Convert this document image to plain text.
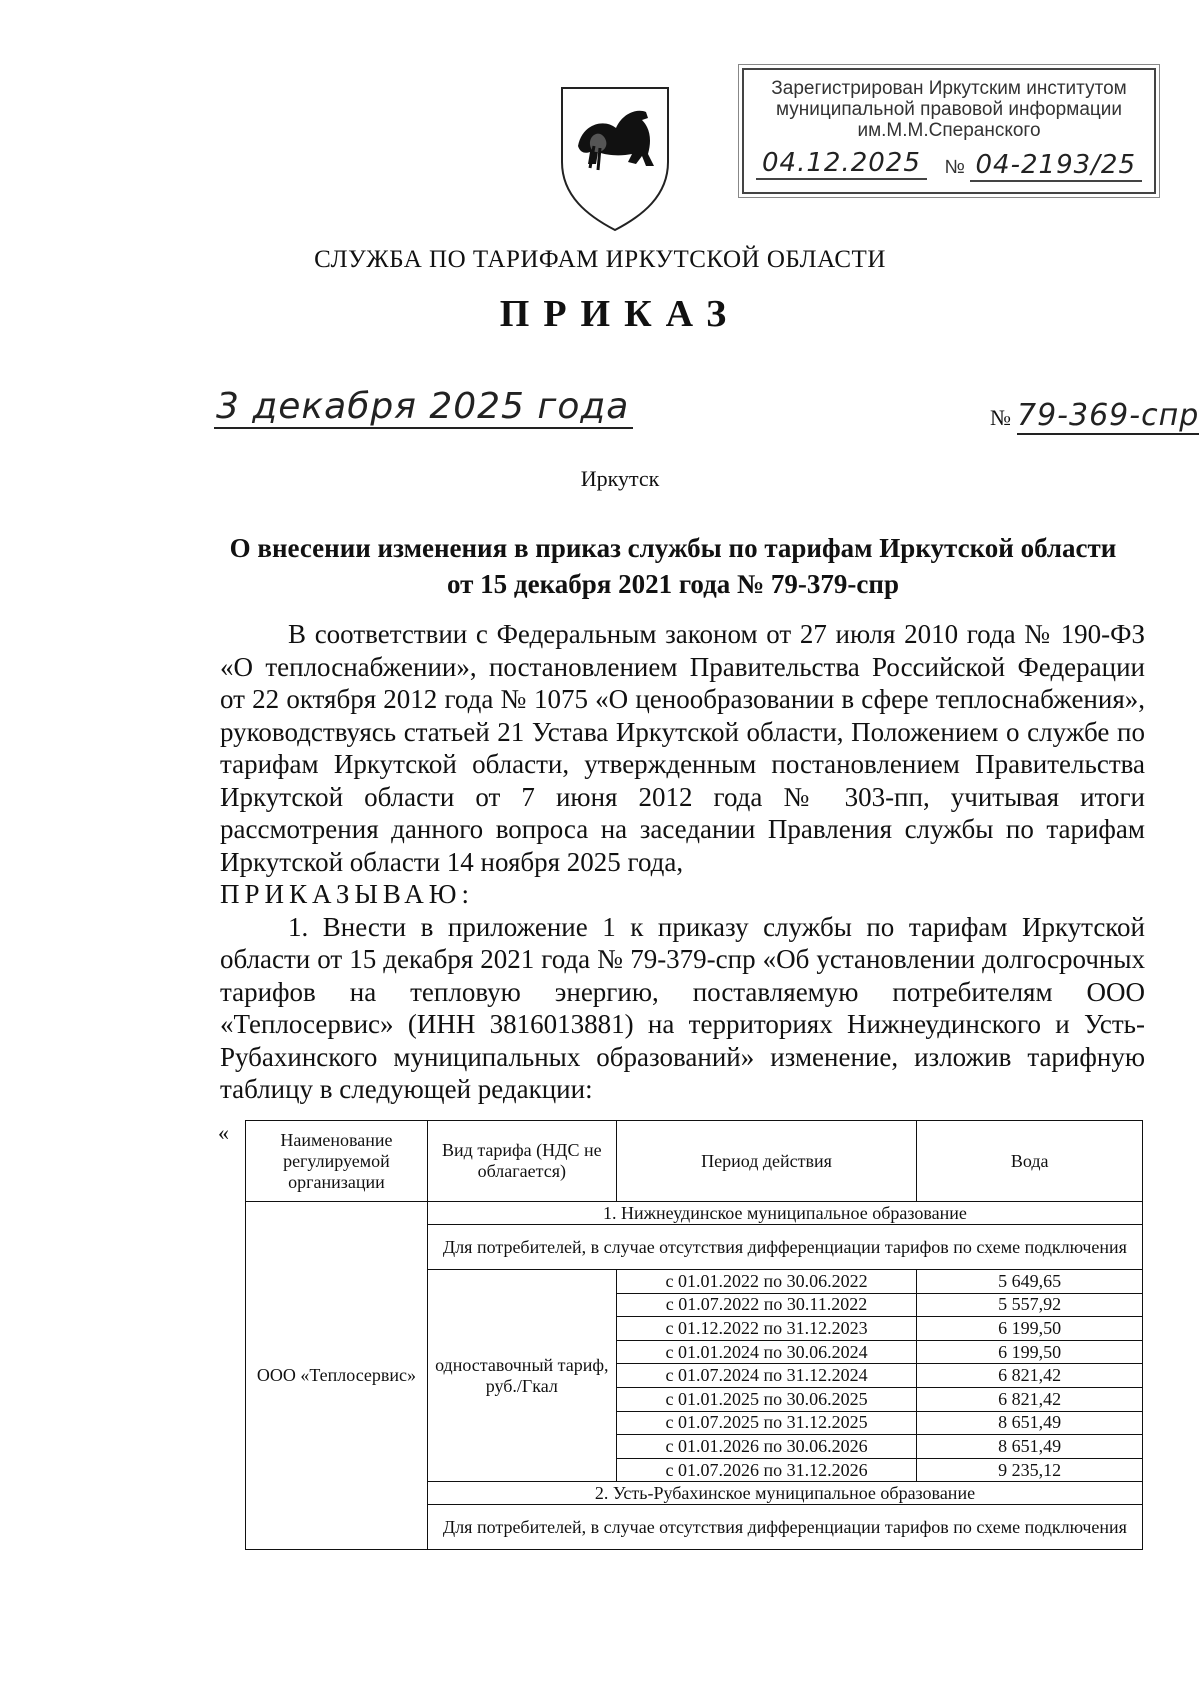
Зарегистрирован Иркутским институтом
муниципальной правовой информации
им.М.М.Сперанского
04.12.2025	№ 04-2193/25
СЛУЖБА ПО ТАРИФАМ ИРКУТСКОЙ ОБЛАСТИ
ПРИКАЗ
3 декабря 2025 года	№ 79-369-спр
Иркутск
О внесении изменения в приказ службы по тарифам Иркутской области
от 15 декабря 2021 года № 79-379-спр

В соответствии с Федеральным законом от 27 июля 2010 года № 190-ФЗ «О теплоснабжении», постановлением Правительства Российской Федерации от 22 октября 2012 года № 1075 «О ценообразовании в сфере теплоснабжения», руководствуясь статьей 21 Устава Иркутской области, Положением о службе по тарифам Иркутской области, утвержденным постановлением Правительства Иркутской области от 7 июня 2012 года № 303-пп, учитывая итоги рассмотрения данного вопроса на заседании Правления службы по тарифам Иркутской области 14 ноября 2025 года,

ПРИКАЗЫВАЮ:

1. Внести в приложение 1 к приказу службы по тарифам Иркутской области от 15 декабря 2021 года № 79-379-спр «Об установлении долгосрочных тарифов на тепловую энергию, поставляемую потребителям ООО «Теплосервис» (ИНН 3816013881) на территориях Нижнеудинского и Усть-Рубахинского муниципальных образований» изменение, изложив тарифную таблицу в следующей редакции:

«	Наименование регулируемой организации	Вид тарифа (НДС не облагается)	Период действия	Вода
ООО «Теплосервис»	1. Нижнеудинское муниципальное образование		
	Для потребителей, в случае отсутствия дифференциации тарифов по схеме подключения		
	одноставочный тариф, руб./Гкал	с 01.01.2022 по 30.06.2022	5 649,65
		с 01.07.2022 по 30.11.2022	5 557,92
		с 01.12.2022 по 31.12.2023	6 199,50
		с 01.01.2024 по 30.06.2024	6 199,50
		с 01.07.2024 по 31.12.2024	6 821,42
		с 01.01.2025 по 30.06.2025	6 821,42
		с 01.07.2025 по 31.12.2025	8 651,49
		с 01.01.2026 по 30.06.2026	8 651,49
		с 01.07.2026 по 31.12.2026	9 235,12
	2. Усть-Рубахинское муниципальное образование		
	Для потребителей, в случае отсутствия дифференциации тарифов по схеме подключения		
